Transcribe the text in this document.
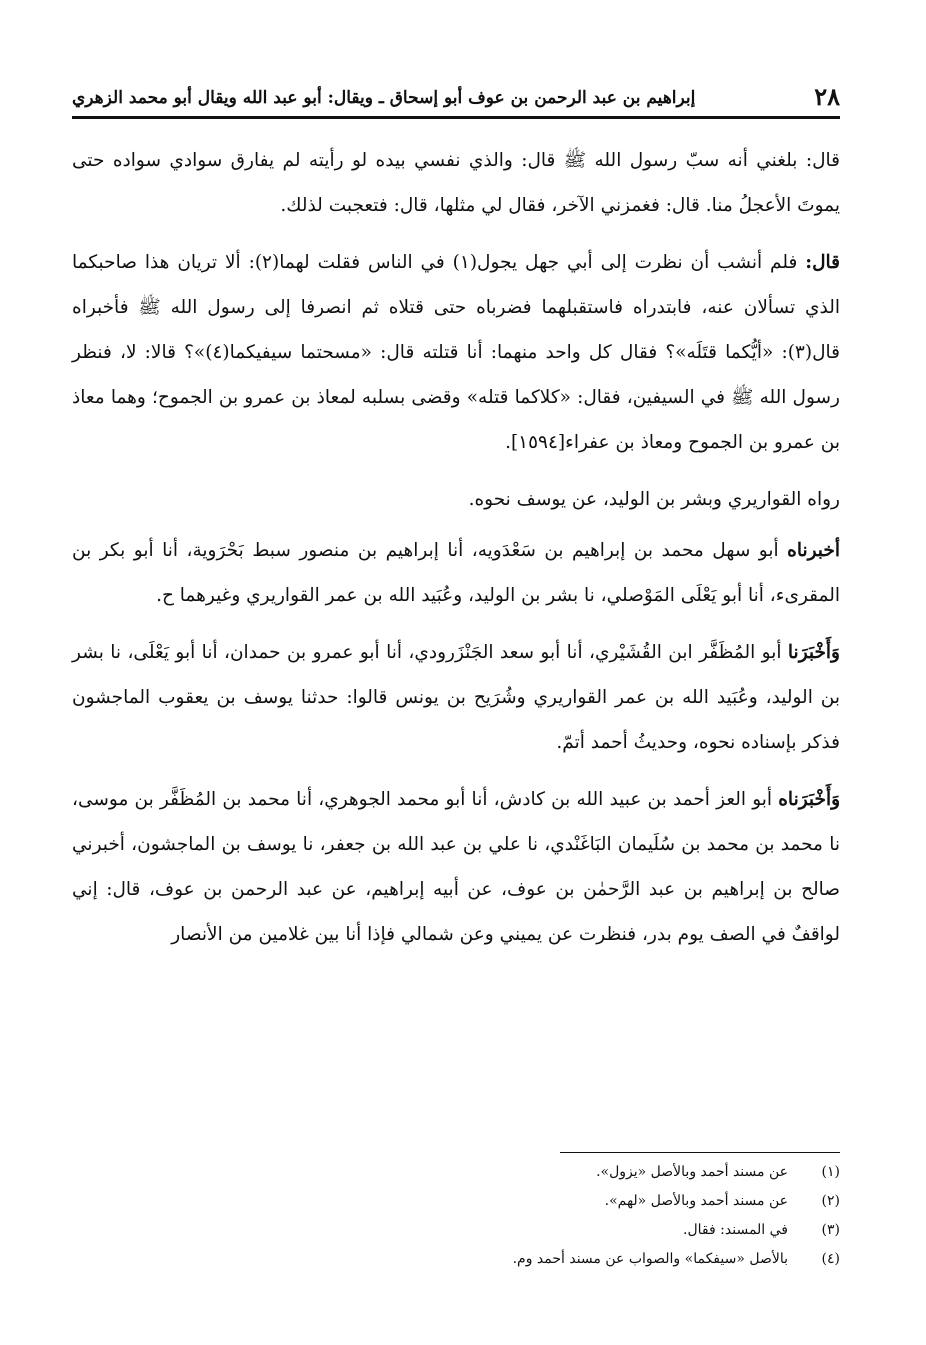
٢٨
إبراهيم بن عبد الرحمن بن عوف أبو إسحاق ـ ويقال: أبو عبد الله ويقال أبو محمد الزهري

قال: بلغني أنه سبّ رسول الله ﷺ قال: والذي نفسي بيده لو رأيته لم يفارق سوادي سواده حتى يموتَ الأعجلُ منا. قال: فغمزني الآخر، فقال لي مثلها، قال: فتعجبت لذلك.

قال: فلم أنشب أن نظرت إلى أبي جهل يجول(١) في الناس فقلت لهما(٢): ألا تريان هذا صاحبكما الذي تسألان عنه، فابتدراه فاستقبلهما فضرباه حتى قتلاه ثم انصرفا إلى رسول الله ﷺ فأخبراه قال(٣): «أيُّكما قتَلَه»؟ فقال كل واحد منهما: أنا قتلته قال: «مسحتما سيفيكما(٤)»؟ قالا: لا، فنظر رسول الله ﷺ في السيفين، فقال: «كلاكما قتله» وقضى بسلبه لمعاذ بن عمرو بن الجموح؛ وهما معاذ بن عمرو بن الجموح ومعاذ بن عفراء[١٥٩٤].

رواه القواريري وبشر بن الوليد، عن يوسف نحوه.

أخبرناه أبو سهل محمد بن إبراهيم بن سَعْدَويه، أنا إبراهيم بن منصور سبط بَحْرَوية، أنا أبو بكر بن المقرىء، أنا أبو يَعْلَى المَوْصلي، نا بشر بن الوليد، وعُبَيد الله بن عمر القواريري وغيرهما ح.

وَأَخْبَرَنا أبو المُظَفَّر ابن القُشَيْري، أنا أبو سعد الجَنْزَرودي، أنا أبو عمرو بن حمدان، أنا أبو يَعْلَى، نا بشر بن الوليد، وعُبَيد الله بن عمر القواريري وشُرَيح بن يونس قالوا: حدثنا يوسف بن يعقوب الماجشون فذكر بإسناده نحوه، وحديثُ أحمد أتمّ.

وَأَخْبَرَناه أبو العز أحمد بن عبيد الله بن كادش، أنا أبو محمد الجوهري، أنا محمد بن المُظَفَّر بن موسى، نا محمد بن محمد بن سُلَيمان البَاغَنْدي، نا علي بن عبد الله بن جعفر، نا يوسف بن الماجشون، أخبرني صالح بن إبراهيم بن عبد الرَّحمٰن بن عوف، عن أبيه إبراهيم، عن عبد الرحمن بن عوف، قال: إني لواقفٌ في الصف يوم بدر، فنظرت عن يميني وعن شمالي فإذا أنا بين غلامين من الأنصار

(١)
عن مسند أحمد وبالأصل «يزول».
(٢)
عن مسند أحمد وبالأصل «لهم».
(٣)
في المسند: فقال.
(٤)
بالأصل «سيفكما» والصواب عن مسند أحمد وم.
